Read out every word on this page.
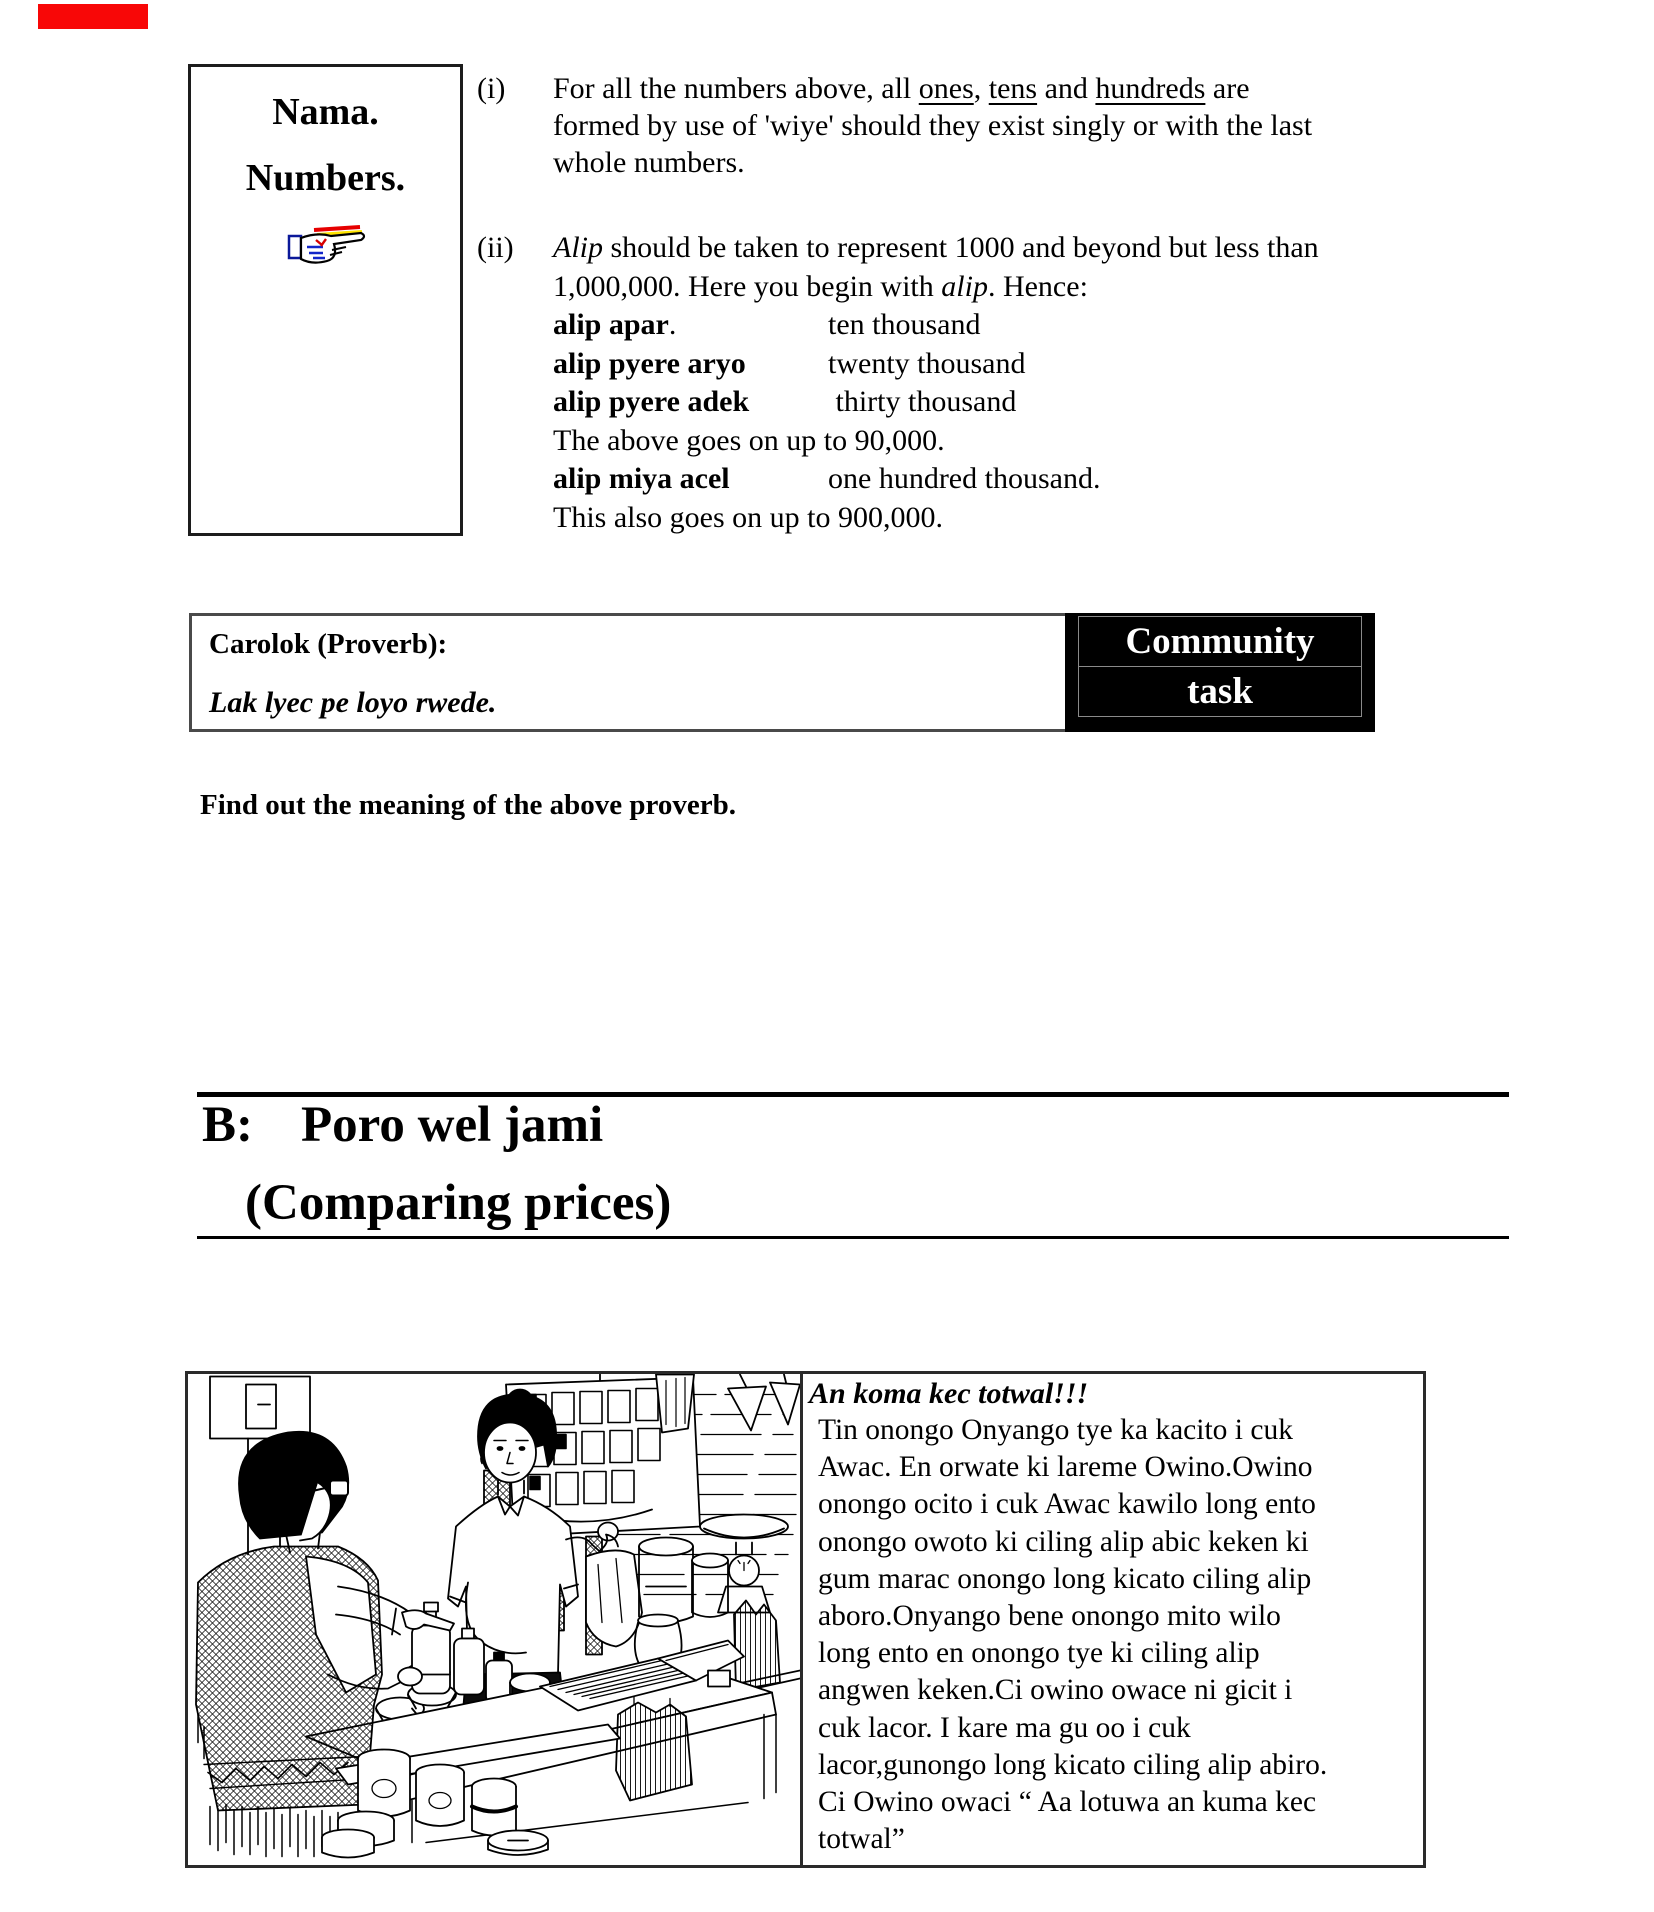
Nama.
Numbers.
(i)	For all the numbers above, all ones, tens and hundreds are
formed by use of 'wiye' should they exist singly or with the last
whole numbers.
(ii)	Alip should be taken to represent 1000 and beyond but less than
1,000,000. Here you begin with alip. Hence:
alip apar.	ten thousand
alip pyere aryo	twenty thousand
alip pyere adek	thirty thousand
The above goes on up to 90,000.
alip miya acel	one hundred thousand.
This also goes on up to 900,000.
Carolok (Proverb):
Lak lyec pe loyo rwede.
Community
task
Find out the meaning of the above proverb.
B: Poro wel jami
(Comparing prices)
An koma kec totwal!!!
Tin onongo Onyango tye ka kacito i cuk
Awac. En orwate ki lareme Owino.Owino
onongo ocito i cuk Awac kawilo long ento
onongo owoto ki ciling alip abic keken ki
gum marac onongo long kicato ciling alip
aboro.Onyango bene onongo mito wilo
long ento en onongo tye ki ciling alip
angwen keken.Ci owino owace ni gicit i
cuk lacor. I kare ma gu oo i cuk
lacor,gunongo long kicato ciling alip abiro.
Ci Owino owaci “ Aa lotuwa an kuma kec
totwal”
